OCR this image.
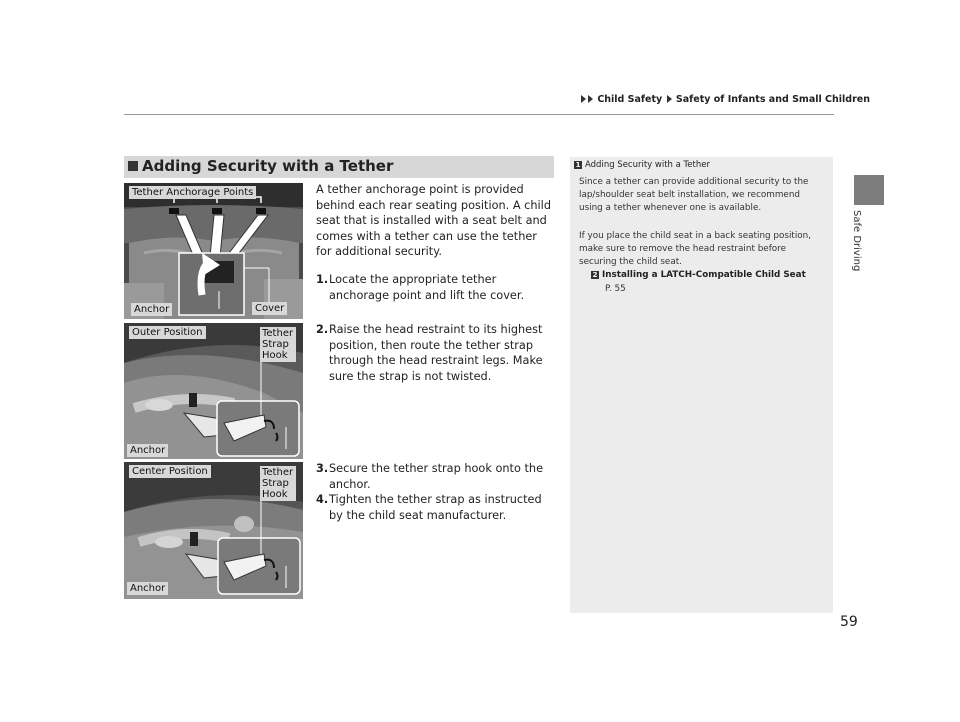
Child Safety Safety of Infants and Small Children
Safe Driving
Adding Security with a Tether
Tether Anchorage Points
Anchor	Cover
Outer Position	Tether Strap Hook
Anchor
Center Position	Tether Strap Hook
Anchor
A tether anchorage point is provided behind each rear seating position. A child seat that is installed with a seat belt and comes with a tether can use the tether for additional security.
1. Locate the appropriate tether anchorage point and lift the cover.
2. Raise the head restraint to its highest position, then route the tether strap through the head restraint legs. Make sure the strap is not twisted.
3. Secure the tether strap hook onto the anchor.
4. Tighten the tether strap as instructed by the child seat manufacturer.
1 Adding Security with a Tether
Since a tether can provide additional security to the lap/shoulder seat belt installation, we recommend using a tether whenever one is available.
If you place the child seat in a back seating position, make sure to remove the head restraint before securing the child seat.
2 Installing a LATCH-Compatible Child Seat
P. 55
59
